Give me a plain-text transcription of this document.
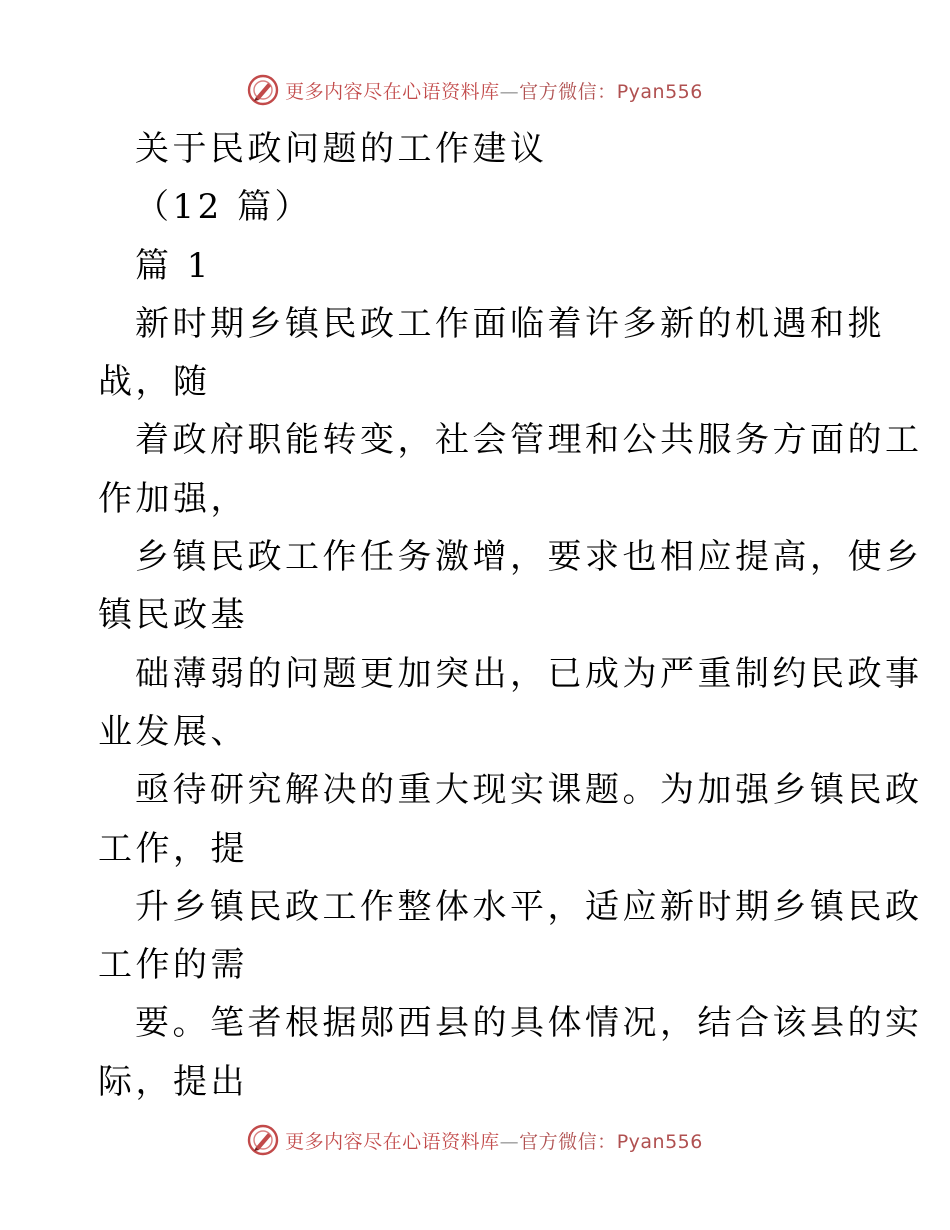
更多内容尽在心语资料库—官方微信：Pyan556
关于民政问题的工作建议
（12 篇）
篇 1
新时期乡镇民政工作面临着许多新的机遇和挑
战，随
着政府职能转变，社会管理和公共服务方面的工
作加强，
乡镇民政工作任务激增，要求也相应提高，使乡
镇民政基
础薄弱的问题更加突出，已成为严重制约民政事
业发展、
亟待研究解决的重大现实课题。为加强乡镇民政
工作，提
升乡镇民政工作整体水平，适应新时期乡镇民政
工作的需
要。笔者根据郧西县的具体情况，结合该县的实
际，提出
更多内容尽在心语资料库—官方微信：Pyan556
